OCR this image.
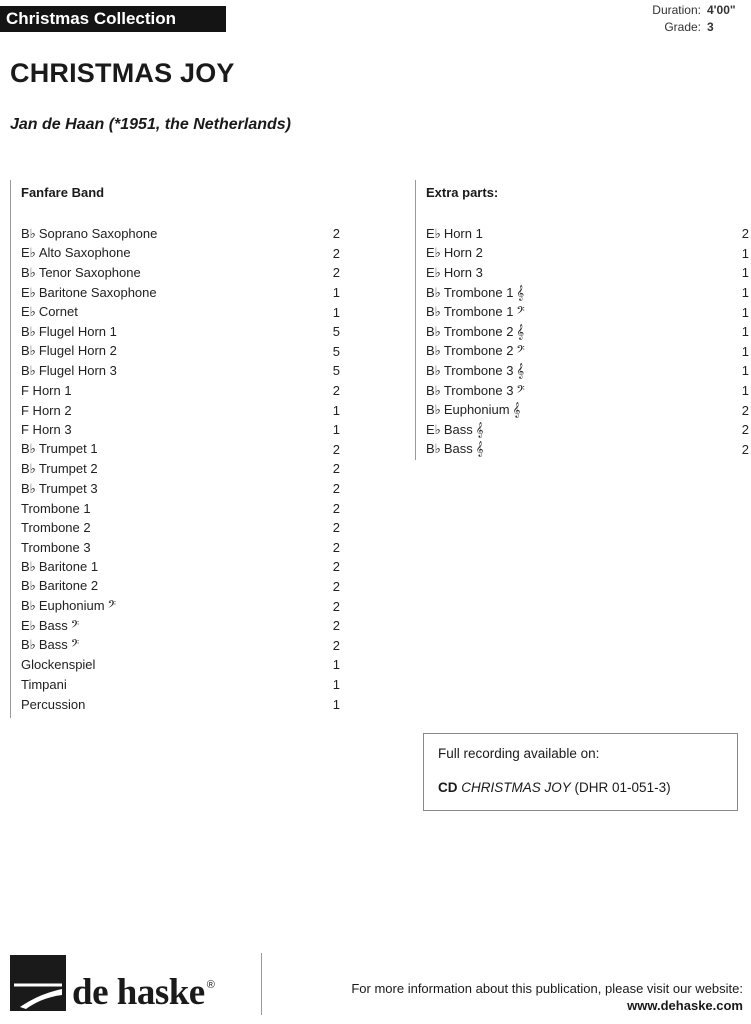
Christmas Collection	Duration: 4'00"
Grade: 3
CHRISTMAS JOY
Jan de Haan (*1951, the Netherlands)
Fanfare Band
B♭ Soprano Saxophone	2
E♭ Alto Saxophone	2
B♭ Tenor Saxophone	2
E♭ Baritone Saxophone	1
E♭ Cornet	1
B♭ Flugel Horn 1	5
B♭ Flugel Horn 2	5
B♭ Flugel Horn 3	5
F Horn 1	2
F Horn 2	1
F Horn 3	1
B♭ Trumpet 1	2
B♭ Trumpet 2	2
B♭ Trumpet 3	2
Trombone 1	2
Trombone 2	2
Trombone 3	2
B♭ Baritone 1	2
B♭ Baritone 2	2
B♭ Euphonium 𝄢	2
E♭ Bass 𝄢	2
B♭ Bass 𝄢	2
Glockenspiel	1
Timpani	1
Percussion	1
Extra parts:
E♭ Horn 1	2
E♭ Horn 2	1
E♭ Horn 3	1
B♭ Trombone 1 𝄞	1
B♭ Trombone 1 𝄢	1
B♭ Trombone 2 𝄞	1
B♭ Trombone 2 𝄢	1
B♭ Trombone 3 𝄞	1
B♭ Trombone 3 𝄢	1
B♭ Euphonium 𝄞	2
E♭ Bass 𝄞	2
B♭ Bass 𝄞	2
Full recording available on:
CD CHRISTMAS JOY (DHR 01-051-3)
de haske ®	For more information about this publication, please visit our website:
www.dehaske.com
